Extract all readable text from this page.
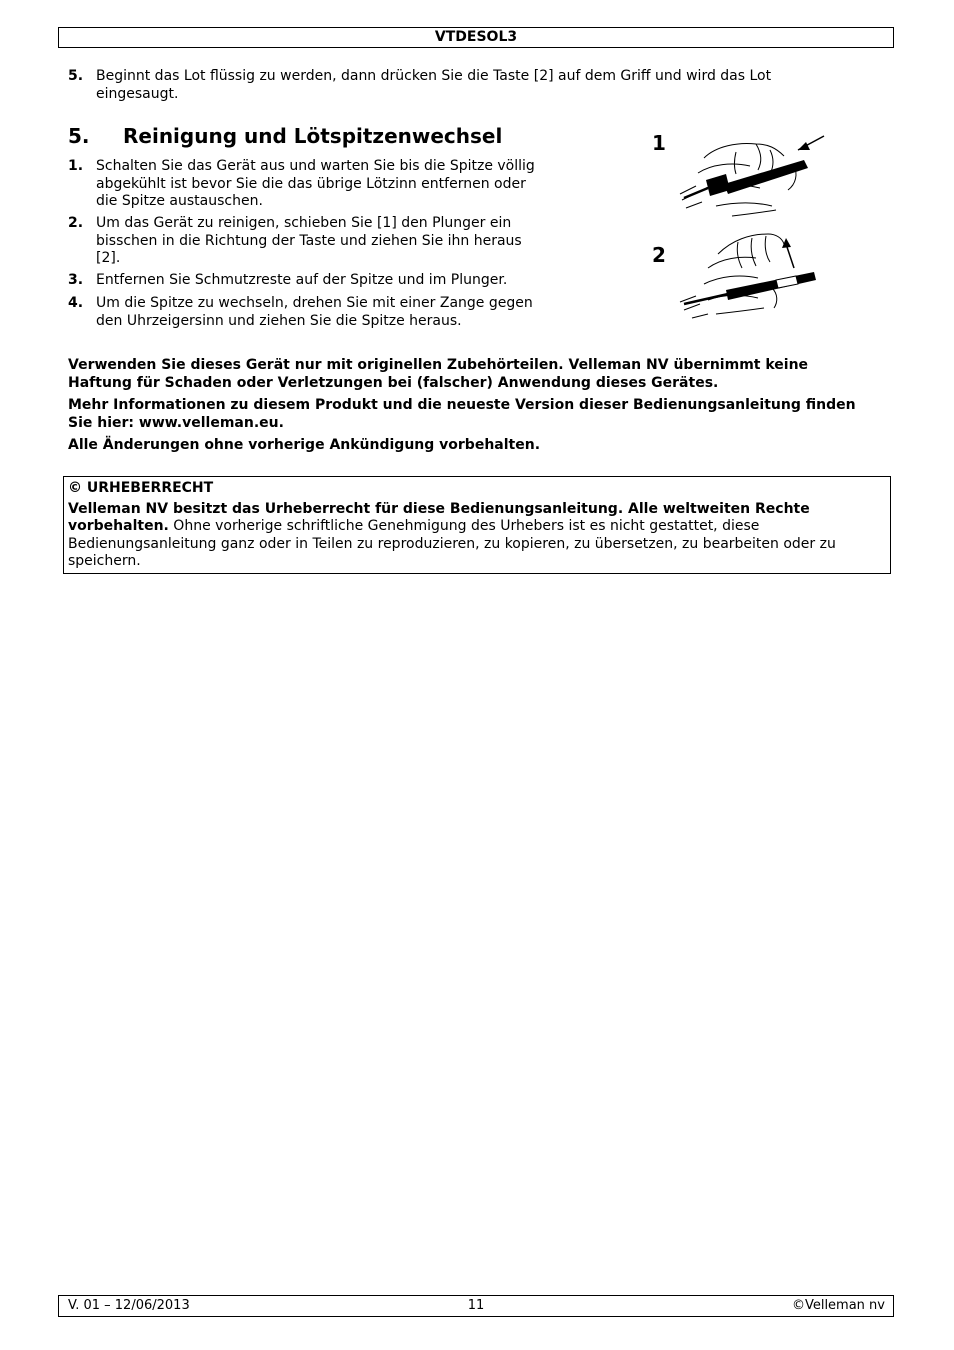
VTDESOL3
5. Beginnt das Lot flüssig zu werden, dann drücken Sie die Taste [2] auf dem Griff und wird das Lot
eingesaugt.
5. Reinigung und Lötspitzenwechsel
1. Schalten Sie das Gerät aus und warten Sie bis die Spitze völlig
abgekühlt ist bevor Sie die das übrige Lötzinn entfernen oder
die Spitze austauschen.
2. Um das Gerät zu reinigen, schieben Sie [1] den Plunger ein
bisschen in die Richtung der Taste und ziehen Sie ihn heraus
[2].
3. Entfernen Sie Schmutzreste auf der Spitze und im Plunger.
4. Um die Spitze zu wechseln, drehen Sie mit einer Zange gegen
den Uhrzeigersinn und ziehen Sie die Spitze heraus.
1
2
Verwenden Sie dieses Gerät nur mit originellen Zubehörteilen. Velleman NV übernimmt keine
Haftung für Schaden oder Verletzungen bei (falscher) Anwendung dieses Gerätes.
Mehr Informationen zu diesem Produkt und die neueste Version dieser Bedienungsanleitung finden
Sie hier: www.velleman.eu.
Alle Änderungen ohne vorherige Ankündigung vorbehalten.
© URHEBERRECHT
Velleman NV besitzt das Urheberrecht für diese Bedienungsanleitung. Alle weltweiten Rechte
vorbehalten. Ohne vorherige schriftliche Genehmigung des Urhebers ist es nicht gestattet, diese
Bedienungsanleitung ganz oder in Teilen zu reproduzieren, zu kopieren, zu übersetzen, zu bearbeiten oder zu
speichern.
V. 01 – 12/06/2013	11	©Velleman nv
